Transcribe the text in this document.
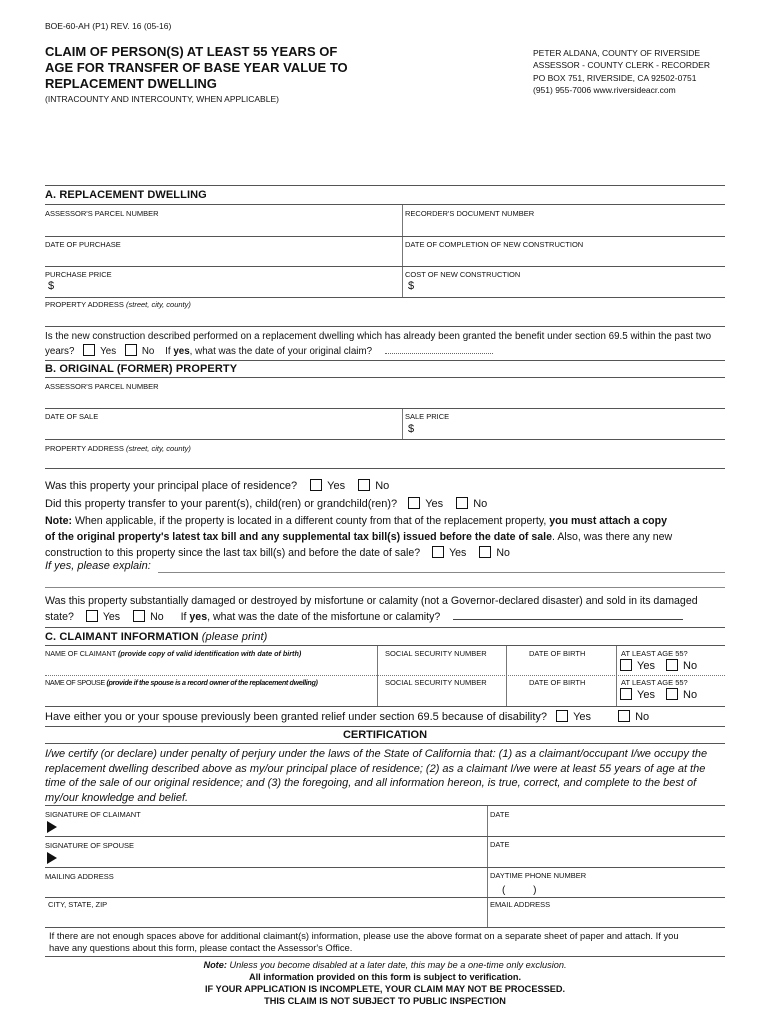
BOE-60-AH (P1) REV. 16 (05-16)
CLAIM OF PERSON(S) AT LEAST 55 YEARS OF
AGE FOR TRANSFER OF BASE YEAR VALUE TO
REPLACEMENT DWELLING
(INTRACOUNTY AND INTERCOUNTY, WHEN APPLICABLE)
PETER ALDANA, COUNTY OF RIVERSIDE
ASSESSOR - COUNTY CLERK - RECORDER
PO BOX 751, RIVERSIDE, CA 92502-0751
(951) 955-7006 www.riversideacr.com
A. REPLACEMENT DWELLING
ASSESSOR'S PARCEL NUMBER	RECORDER'S DOCUMENT NUMBER
DATE OF PURCHASE	DATE OF COMPLETION OF NEW CONSTRUCTION
PURCHASE PRICE	COST OF NEW CONSTRUCTION
$	$
PROPERTY ADDRESS (street, city, county)
Is the new construction described performed on a replacement dwelling which has already been granted the benefit under section 69.5 within the past two
years?	Yes	No If yes, what was the date of your original claim?
B. ORIGINAL (FORMER) PROPERTY
ASSESSOR'S PARCEL NUMBER
DATE OF SALE	SALE PRICE
$
PROPERTY ADDRESS (street, city, county)
Was this property your principal place of residence?	Yes	No
Did this property transfer to your parent(s), child(ren) or grandchild(ren)?	Yes	No
Note: When applicable, if the property is located in a different county from that of the replacement property, you must attach a copy
of the original property's latest tax bill and any supplemental tax bill(s) issued before the date of sale. Also, was there any new
construction to this property since the last tax bill(s) and before the date of sale?	Yes	No
If yes, please explain:
Was this property substantially damaged or destroyed by misfortune or calamity (not a Governor-declared disaster) and sold in its damaged
state?	Yes	No If yes, what was the date of the misfortune or calamity?
C. CLAIMANT INFORMATION (please print)
NAME OF CLAIMANT (provide copy of valid identification with date of birth)	SOCIAL SECURITY NUMBER	DATE OF BIRTH	AT LEAST AGE 55?
Yes	No
NAME OF SPOUSE (provide if the spouse is a record owner of the replacement dwelling)	SOCIAL SECURITY NUMBER	DATE OF BIRTH	AT LEAST AGE 55?
Yes	No
Have either you or your spouse previously been granted relief under section 69.5 because of disability? Yes	No
CERTIFICATION
I/we certify (or declare) under penalty of perjury under the laws of the State of California that: (1) as a claimant/occupant I/we occupy the
replacement dwelling described above as my/our principal place of residence; (2) as a claimant I/we were at least 55 years of age at the
time of the sale of our original residence; and (3) the foregoing, and all information hereon, is true, correct, and complete to the best of
my/our knowledge and belief.
SIGNATURE OF CLAIMANT	DATE
SIGNATURE OF SPOUSE	DATE
MAILING ADDRESS	DAYTIME PHONE NUMBER
(          )
CITY, STATE, ZIP	EMAIL ADDRESS
If there are not enough spaces above for additional claimant(s) information, please use the above format on a separate sheet of paper and attach. If you
have any questions about this form, please contact the Assessor's Office.
Note: Unless you become disabled at a later date, this may be a one-time only exclusion.
All information provided on this form is subject to verification.
IF YOUR APPLICATION IS INCOMPLETE, YOUR CLAIM MAY NOT BE PROCESSED.
THIS CLAIM IS NOT SUBJECT TO PUBLIC INSPECTION
